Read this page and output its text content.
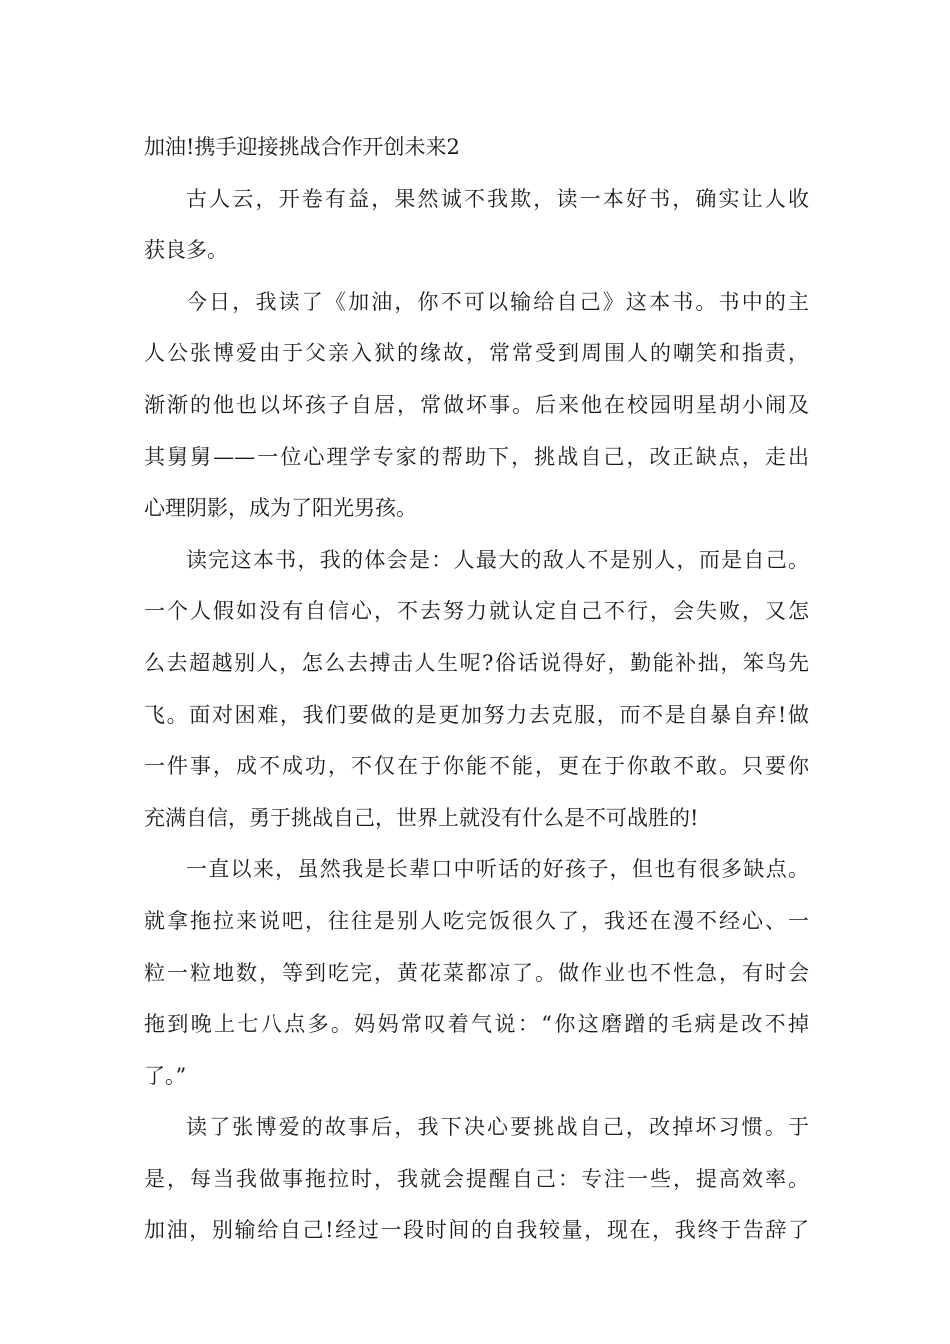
加油!携手迎接挑战合作开创未来2
古人云，开卷有益，果然诚不我欺，读一本好书，确实让人收
获良多。
今日，我读了《加油，你不可以输给自己》这本书。书中的主
人公张博爱由于父亲入狱的缘故，常常受到周围人的嘲笑和指责，
渐渐的他也以坏孩子自居，常做坏事。后来他在校园明星胡小闹及
其舅舅——一位心理学专家的帮助下，挑战自己，改正缺点，走出
心理阴影，成为了阳光男孩。
读完这本书，我的体会是：人最大的敌人不是别人，而是自己。
一个人假如没有自信心，不去努力就认定自己不行，会失败，又怎
么去超越别人，怎么去搏击人生呢?俗话说得好，勤能补拙，笨鸟先
飞。面对困难，我们要做的是更加努力去克服，而不是自暴自弃!做
一件事，成不成功，不仅在于你能不能，更在于你敢不敢。只要你
充满自信，勇于挑战自己，世界上就没有什么是不可战胜的!
一直以来，虽然我是长辈口中听话的好孩子，但也有很多缺点。
就拿拖拉来说吧，往往是别人吃完饭很久了，我还在漫不经心、一
粒一粒地数，等到吃完，黄花菜都凉了。做作业也不性急，有时会
拖到晚上七八点多。妈妈常叹着气说：“你这磨蹭的毛病是改不掉
了。”
读了张博爱的故事后，我下决心要挑战自己，改掉坏习惯。于
是，每当我做事拖拉时，我就会提醒自己：专注一些，提高效率。
加油，别输给自己!经过一段时间的自我较量，现在，我终于告辞了
